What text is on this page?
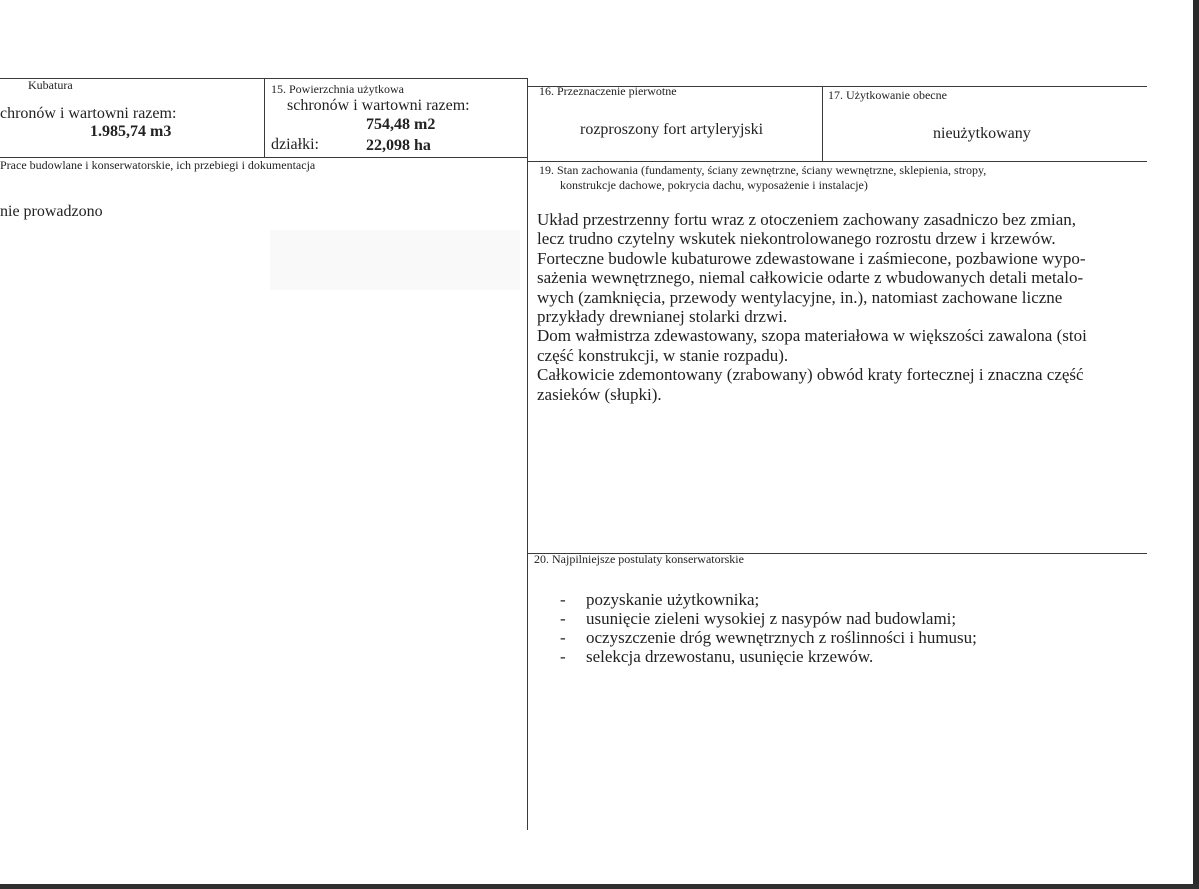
Kubatura
chronów i wartowni razem:
1.985,74 m3
15. Powierzchnia użytkowa
schronów i wartowni razem:
754,48 m2
działki:	22,098 ha
16. Przeznaczenie pierwotne
rozproszony fort artyleryjski
17. Użytkowanie obecne
nieużytkowany
Prace budowlane i konserwatorskie, ich przebiegi i dokumentacja
nie prowadzono
19. Stan zachowania (fundamenty, ściany zewnętrzne, ściany wewnętrzne, sklepienia, stropy,
konstrukcje dachowe, pokrycia dachu, wyposażenie i instalacje)
Układ przestrzenny fortu wraz z otoczeniem zachowany zasadniczo bez zmian,
lecz trudno czytelny wskutek niekontrolowanego rozrostu drzew i krzewów.
Forteczne budowle kubaturowe zdewastowane i zaśmiecone, pozbawione wypo-
sażenia wewnętrznego, niemal całkowicie odarte z wbudowanych detali metalo-
wych (zamknięcia, przewody wentylacyjne, in.), natomiast zachowane liczne
przykłady drewnianej stolarki drzwi.
Dom wałmistrza zdewastowany, szopa materiałowa w większości zawalona (stoi
część konstrukcji, w stanie rozpadu).
Całkowicie zdemontowany (zrabowany) obwód kraty fortecznej i znaczna część
zasieków (słupki).
20. Najpilniejsze postulaty konserwatorskie
- pozyskanie użytkownika;
- usunięcie zieleni wysokiej z nasypów nad budowlami;
- oczyszczenie dróg wewnętrznych z roślinności i humusu;
- selekcja drzewostanu, usunięcie krzewów.
